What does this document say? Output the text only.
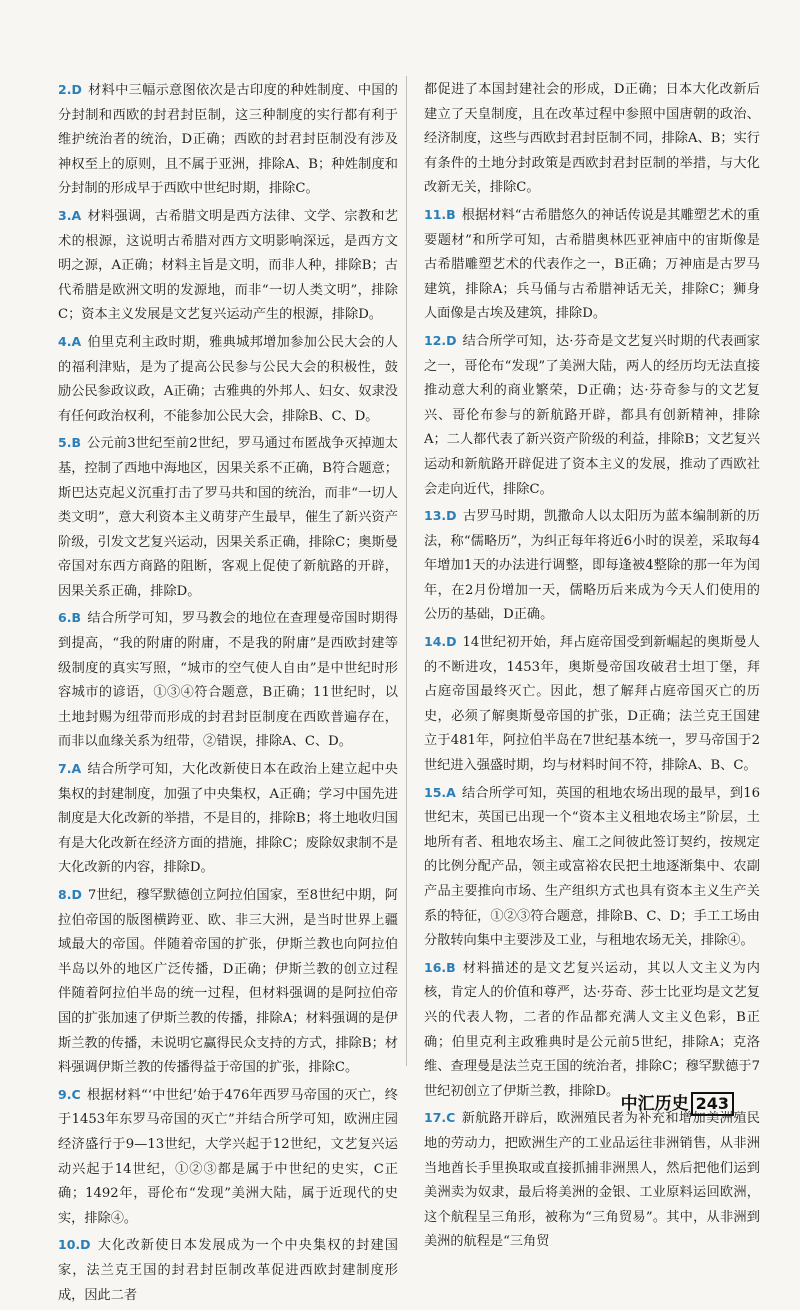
2.D 材料中三幅示意图依次是古印度的种姓制度、中国的分封制和西欧的封君封臣制，这三种制度的实行都有利于维护统治者的统治，D正确；西欧的封君封臣制没有涉及神权至上的原则，且不属于亚洲，排除A、B；种姓制度和分封制的形成早于西欧中世纪时期，排除C。

3.A 材料强调，古希腊文明是西方法律、文学、宗教和艺术的根源，这说明古希腊对西方文明影响深远，是西方文明之源，A正确；材料主旨是文明，而非人种，排除B；古代希腊是欧洲文明的发源地，而非“一切人类文明”，排除C；资本主义发展是文艺复兴运动产生的根源，排除D。

4.A 伯里克利主政时期，雅典城邦增加参加公民大会的人的福利津贴，是为了提高公民参与公民大会的积极性，鼓励公民参政议政，A正确；古雅典的外邦人、妇女、奴隶没有任何政治权利，不能参加公民大会，排除B、C、D。

5.B 公元前3世纪至前2世纪，罗马通过布匿战争灭掉迦太基，控制了西地中海地区，因果关系不正确，B符合题意；斯巴达克起义沉重打击了罗马共和国的统治，而非“一切人类文明”，意大利资本主义萌芽产生最早，催生了新兴资产阶级，引发文艺复兴运动，因果关系正确，排除C；奥斯曼帝国对东西方商路的阻断，客观上促使了新航路的开辟，因果关系正确，排除D。

6.B 结合所学可知，罗马教会的地位在查理曼帝国时期得到提高，“我的附庸的附庸，不是我的附庸”是西欧封建等级制度的真实写照，“城市的空气使人自由”是中世纪时形容城市的谚语，①③④符合题意，B正确；11世纪时，以土地封赐为纽带而形成的封君封臣制度在西欧普遍存在，而非以血缘关系为纽带，②错误，排除A、C、D。

7.A 结合所学可知，大化改新使日本在政治上建立起中央集权的封建制度，加强了中央集权，A正确；学习中国先进制度是大化改新的举措，不是目的，排除B；将土地收归国有是大化改新在经济方面的措施，排除C；废除奴隶制不是大化改新的内容，排除D。

8.D 7世纪，穆罕默德创立阿拉伯国家，至8世纪中期，阿拉伯帝国的版图横跨亚、欧、非三大洲，是当时世界上疆域最大的帝国。伴随着帝国的扩张，伊斯兰教也向阿拉伯半岛以外的地区广泛传播，D正确；伊斯兰教的创立过程伴随着阿拉伯半岛的统一过程，但材料强调的是阿拉伯帝国的扩张加速了伊斯兰教的传播，排除A；材料强调的是伊斯兰教的传播，未说明它赢得民众支持的方式，排除B；材料强调伊斯兰教的传播得益于帝国的扩张，排除C。

9.C 根据材料“‘中世纪’始于476年西罗马帝国的灭亡，终于1453年东罗马帝国的灭亡”并结合所学可知，欧洲庄园经济盛行于9—13世纪，大学兴起于12世纪，文艺复兴运动兴起于14世纪，①②③都是属于中世纪的史实，C正确；1492年，哥伦布“发现”美洲大陆，属于近现代的史实，排除④。

10.D 大化改新使日本发展成为一个中央集权的封建国家，法兰克王国的封君封臣制改革促进西欧封建制度形成，因此二者

都促进了本国封建社会的形成，D正确；日本大化改新后建立了天皇制度，且在改革过程中参照中国唐朝的政治、经济制度，这些与西欧封君封臣制不同，排除A、B；实行有条件的土地分封政策是西欧封君封臣制的举措，与大化改新无关，排除C。

11.B 根据材料“古希腊悠久的神话传说是其雕塑艺术的重要题材”和所学可知，古希腊奥林匹亚神庙中的宙斯像是古希腊雕塑艺术的代表作之一，B正确；万神庙是古罗马建筑，排除A；兵马俑与古希腊神话无关，排除C；狮身人面像是古埃及建筑，排除D。

12.D 结合所学可知，达·芬奇是文艺复兴时期的代表画家之一，哥伦布“发现”了美洲大陆，两人的经历均无法直接推动意大利的商业繁荣，D正确；达·芬奇参与的文艺复兴、哥伦布参与的新航路开辟，都具有创新精神，排除A；二人都代表了新兴资产阶级的利益，排除B；文艺复兴运动和新航路开辟促进了资本主义的发展，推动了西欧社会走向近代，排除C。

13.D 古罗马时期，凯撒命人以太阳历为蓝本编制新的历法，称“儒略历”，为纠正每年将近6小时的误差，采取每4年增加1天的办法进行调整，即每逢被4整除的那一年为闰年，在2月份增加一天，儒略历后来成为今天人们使用的公历的基础，D正确。

14.D 14世纪初开始，拜占庭帝国受到新崛起的奥斯曼人的不断进攻，1453年，奥斯曼帝国攻破君士坦丁堡，拜占庭帝国最终灭亡。因此，想了解拜占庭帝国灭亡的历史，必须了解奥斯曼帝国的扩张，D正确；法兰克王国建立于481年，阿拉伯半岛在7世纪基本统一，罗马帝国于2世纪进入强盛时期，均与材料时间不符，排除A、B、C。

15.A 结合所学可知，英国的租地农场出现的最早，到16世纪末，英国已出现一个“资本主义租地农场主”阶层，土地所有者、租地农场主、雇工之间彼此签订契约，按规定的比例分配产品，领主或富裕农民把土地逐渐集中、农副产品主要推向市场、生产组织方式也具有资本主义生产关系的特征，①②③符合题意，排除B、C、D；手工工场由分散转向集中主要涉及工业，与租地农场无关，排除④。

16.B 材料描述的是文艺复兴运动，其以人文主义为内核，肯定人的价值和尊严，达·芬奇、莎士比亚均是文艺复兴的代表人物，二者的作品都充满人文主义色彩，B正确；伯里克利主政雅典时是公元前5世纪，排除A；克洛维、查理曼是法兰克王国的统治者，排除C；穆罕默德于7世纪初创立了伊斯兰教，排除D。

17.C 新航路开辟后，欧洲殖民者为补充和增加美洲殖民地的劳动力，把欧洲生产的工业品运往非洲销售，从非洲当地酋长手里换取或直接抓捕非洲黑人，然后把他们运到美洲卖为奴隶，最后将美洲的金银、工业原料运回欧洲，这个航程呈三角形，被称为“三角贸易”。其中，从非洲到美洲的航程是“三角贸

中汇历史 243
